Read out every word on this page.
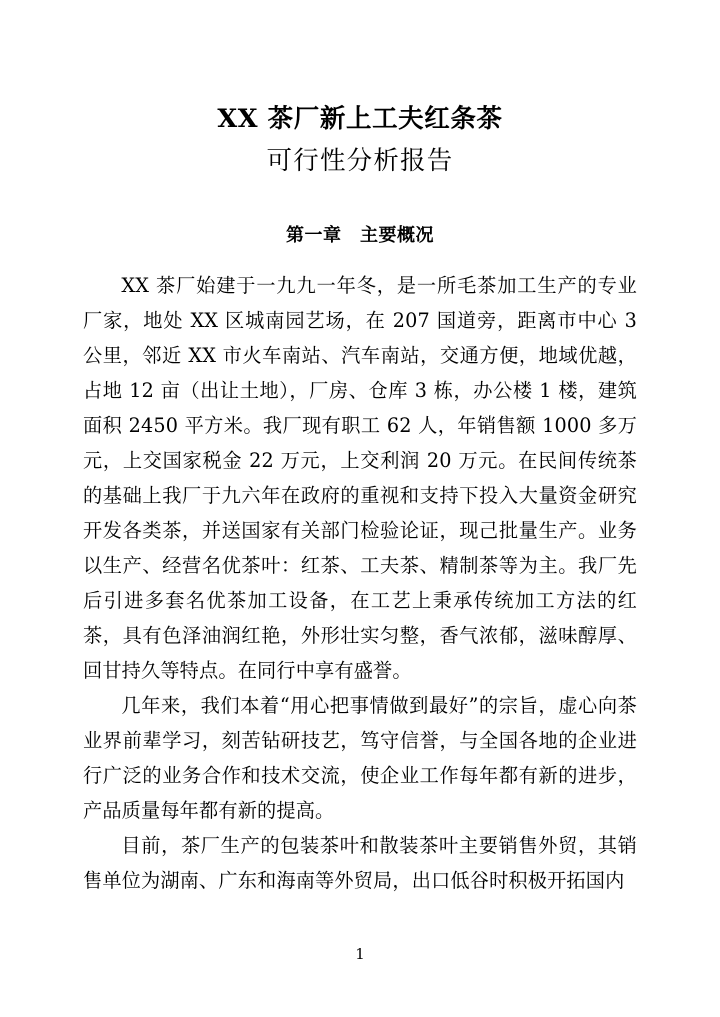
XX 茶厂新上工夫红条茶
可行性分析报告
第一章　主要概况

XX 茶厂始建于一九九一年冬，是一所毛茶加工生产的专业厂家，地处 XX 区城南园艺场，在 207 国道旁，距离市中心 3 公里，邻近 XX 市火车南站、汽车南站，交通方便，地域优越，占地 12 亩（出让土地），厂房、仓库 3 栋，办公楼 1 楼，建筑面积 2450 平方米。我厂现有职工 62 人，年销售额 1000 多万元，上交国家税金 22 万元，上交利润 20 万元。在民间传统茶的基础上我厂于九六年在政府的重视和支持下投入大量资金研究开发各类茶，并送国家有关部门检验论证，现己批量生产。业务以生产、经营名优茶叶：红茶、工夫茶、精制茶等为主。我厂先后引进多套名优茶加工设备，在工艺上秉承传统加工方法的红茶，具有色泽油润红艳，外形壮实匀整，香气浓郁，滋味醇厚、回甘持久等特点。在同行中享有盛誉。

几年来，我们本着“用心把事情做到最好”的宗旨，虚心向茶业界前辈学习，刻苦钻研技艺，笃守信誉，与全国各地的企业进行广泛的业务合作和技术交流，使企业工作每年都有新的进步，产品质量每年都有新的提高。

目前，茶厂生产的包装茶叶和散装茶叶主要销售外贸，其销售单位为湖南、广东和海南等外贸局，出口低谷时积极开拓国内

1
